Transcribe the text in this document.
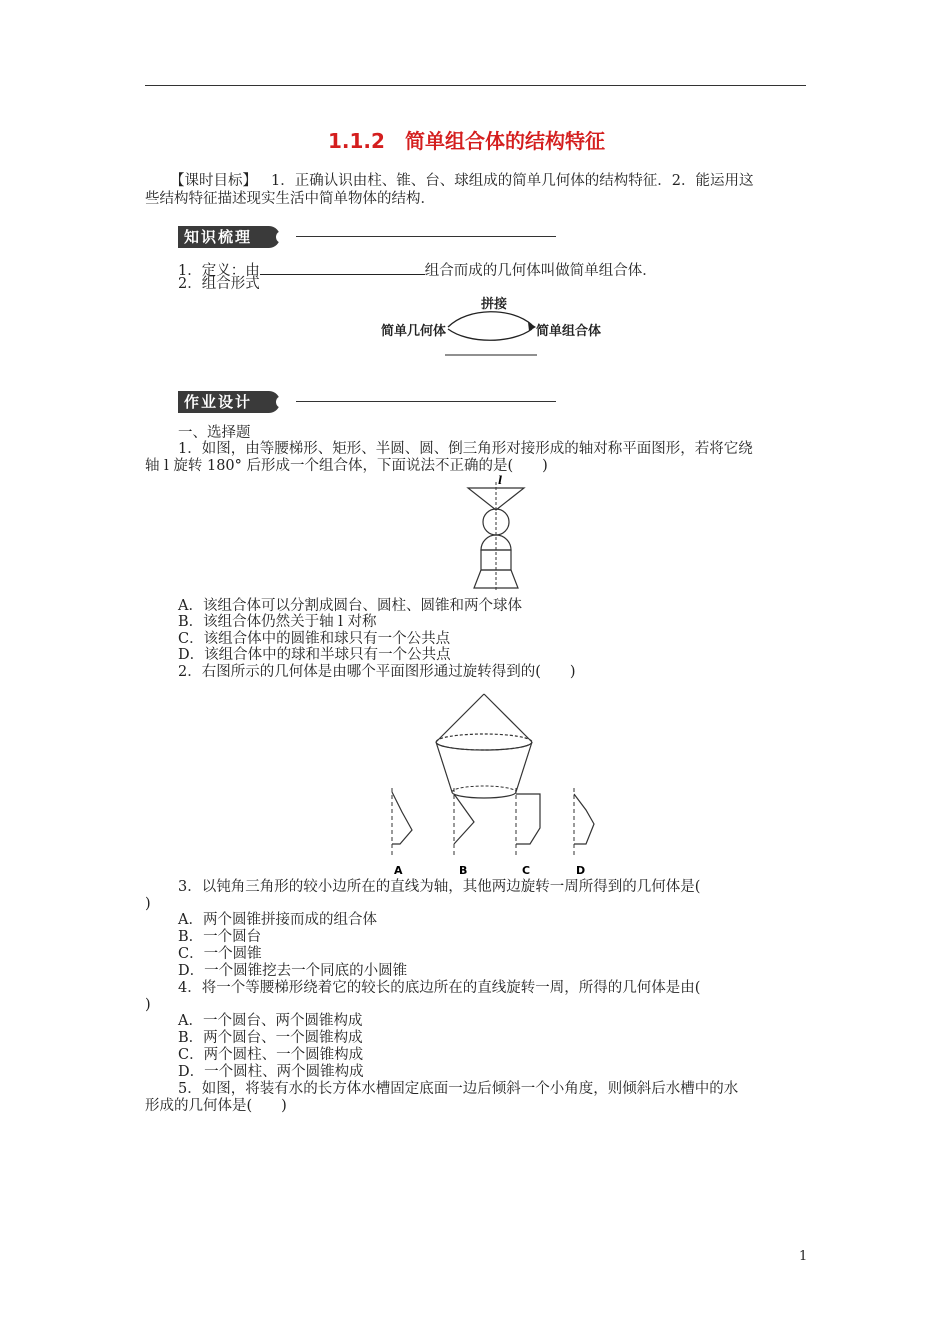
1.1.2　简单组合体的结构特征
【课时目标】 1．正确认识由柱、锥、台、球组成的简单几何体的结构特征．2．能运用这
些结构特征描述现实生活中简单物体的结构．
知识梳理
1．定义：由	组合而成的几何体叫做简单组合体．
2．组合形式
拼接
简单几何体	简单组合体
作业设计
一、选择题
1．如图，由等腰梯形、矩形、半圆、圆、倒三角形对接形成的轴对称平面图形，若将它绕
轴 l 旋转 180° 后形成一个组合体，下面说法不正确的是(　　)
l
A．该组合体可以分割成圆台、圆柱、圆锥和两个球体
B．该组合体仍然关于轴 l 对称
C．该组合体中的圆锥和球只有一个公共点
D．该组合体中的球和半球只有一个公共点
2．右图所示的几何体是由哪个平面图形通过旋转得到的(　　)
A	B	C	D
3．以钝角三角形的较小边所在的直线为轴，其他两边旋转一周所得到的几何体是(
)
A．两个圆锥拼接而成的组合体
B．一个圆台
C．一个圆锥
D．一个圆锥挖去一个同底的小圆锥
4．将一个等腰梯形绕着它的较长的底边所在的直线旋转一周，所得的几何体是由(
)
A．一个圆台、两个圆锥构成
B．两个圆台、一个圆锥构成
C．两个圆柱、一个圆锥构成
D．一个圆柱、两个圆锥构成
5．如图，将装有水的长方体水槽固定底面一边后倾斜一个小角度，则倾斜后水槽中的水
形成的几何体是(　　)
1
